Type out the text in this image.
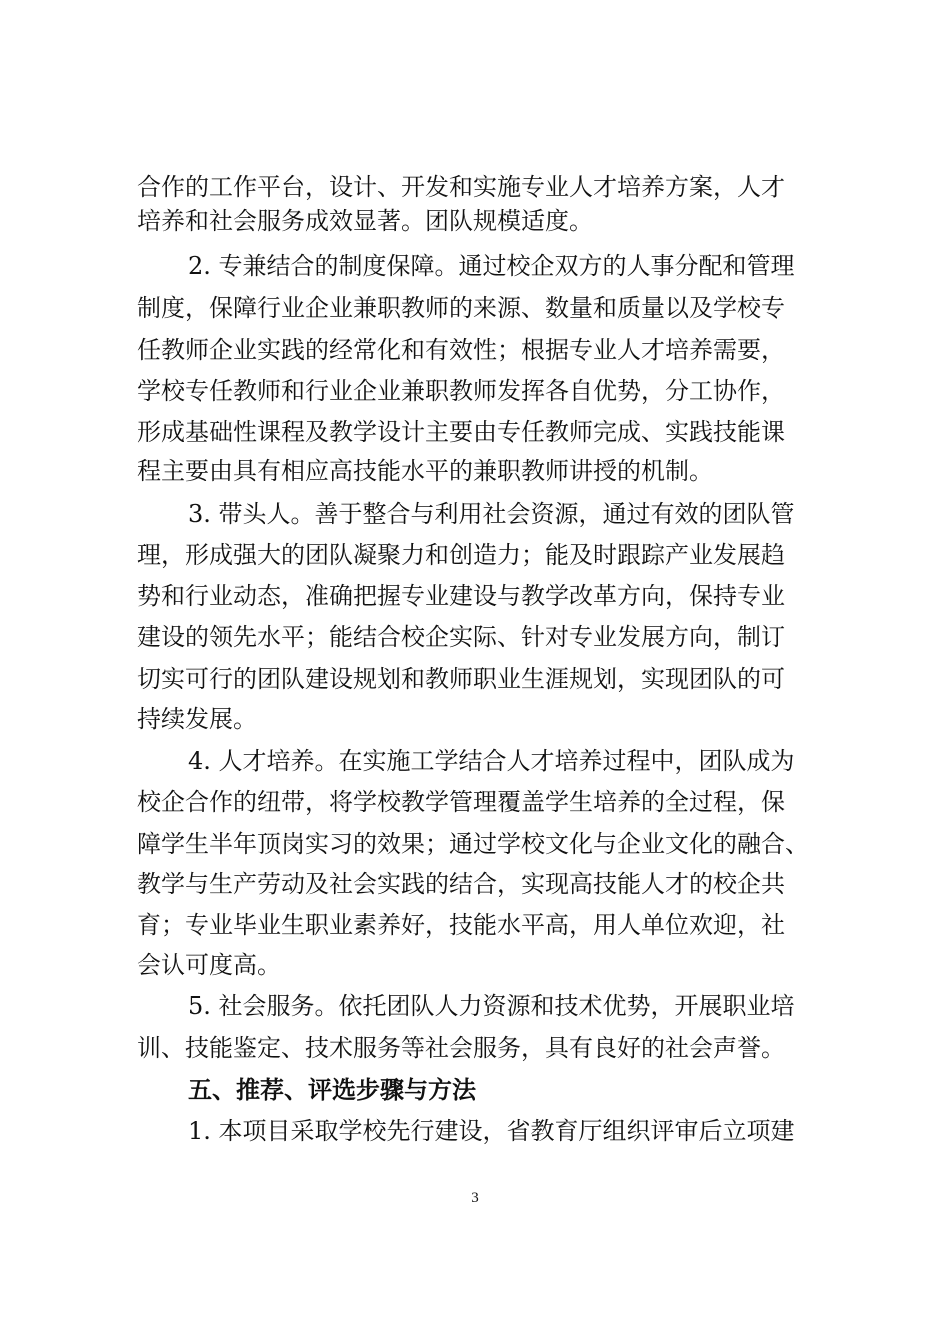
合作的工作平台，设计、开发和实施专业人才培养方案，人才
培养和社会服务成效显著。团队规模适度。
2. 专兼结合的制度保障。通过校企双方的人事分配和管理
制度，保障行业企业兼职教师的来源、数量和质量以及学校专
任教师企业实践的经常化和有效性；根据专业人才培养需要，
学校专任教师和行业企业兼职教师发挥各自优势，分工协作，
形成基础性课程及教学设计主要由专任教师完成、实践技能课
程主要由具有相应高技能水平的兼职教师讲授的机制。
3. 带头人。善于整合与利用社会资源，通过有效的团队管
理，形成强大的团队凝聚力和创造力；能及时跟踪产业发展趋
势和行业动态，准确把握专业建设与教学改革方向，保持专业
建设的领先水平；能结合校企实际、针对专业发展方向，制订
切实可行的团队建设规划和教师职业生涯规划，实现团队的可
持续发展。
4. 人才培养。在实施工学结合人才培养过程中，团队成为
校企合作的纽带，将学校教学管理覆盖学生培养的全过程，保
障学生半年顶岗实习的效果；通过学校文化与企业文化的融合、
教学与生产劳动及社会实践的结合，实现高技能人才的校企共
育；专业毕业生职业素养好，技能水平高，用人单位欢迎，社
会认可度高。
5. 社会服务。依托团队人力资源和技术优势，开展职业培
训、技能鉴定、技术服务等社会服务，具有良好的社会声誉。
五、推荐、评选步骤与方法
1. 本项目采取学校先行建设，省教育厅组织评审后立项建
3
